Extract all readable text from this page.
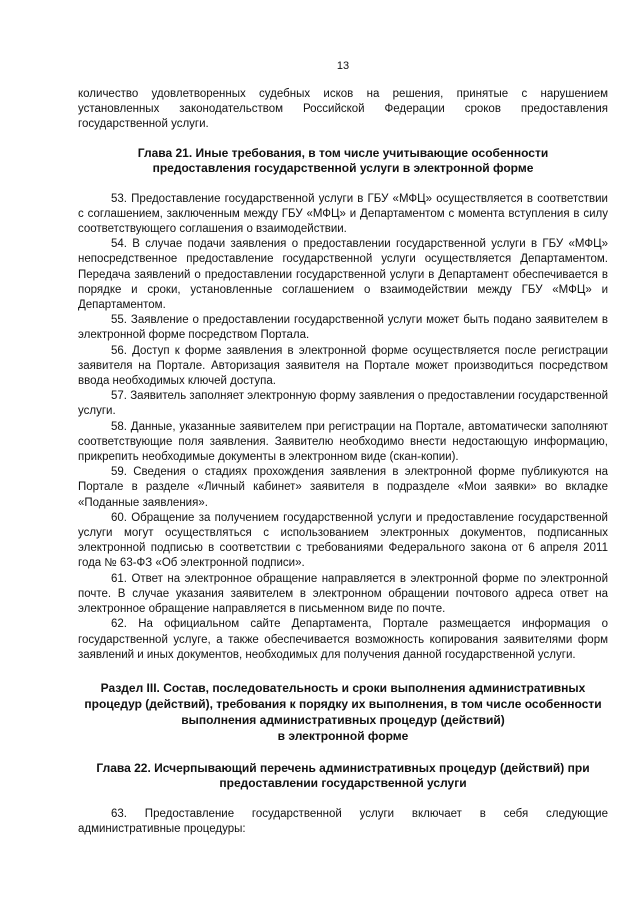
13

количество удовлетворенных судебных исков на решения, принятые с нарушением установленных законодательством Российской Федерации сроков предоставления государственной услуги.

Глава 21. Иные требования, в том числе учитывающие особенности предоставления государственной услуги в электронной форме

53. Предоставление государственной услуги в ГБУ «МФЦ» осуществляется в соответствии с соглашением, заключенным между ГБУ «МФЦ» и Департаментом с момента вступления в силу соответствующего соглашения о взаимодействии.

54. В случае подачи заявления о предоставлении государственной услуги в ГБУ «МФЦ» непосредственное предоставление государственной услуги осуществляется Департаментом. Передача заявлений о предоставлении государственной услуги в Департамент обеспечивается в порядке и сроки, установленные соглашением о взаимодействии между ГБУ «МФЦ» и Департаментом.

55. Заявление о предоставлении государственной услуги может быть подано заявителем в электронной форме посредством Портала.

56. Доступ к форме заявления в электронной форме осуществляется после регистрации заявителя на Портале. Авторизация заявителя на Портале может производиться посредством ввода необходимых ключей доступа.

57. Заявитель заполняет электронную форму заявления о предоставлении государственной услуги.

58. Данные, указанные заявителем при регистрации на Портале, автоматически заполняют соответствующие поля заявления. Заявителю необходимо внести недостающую информацию, прикрепить необходимые документы в электронном виде (скан-копии).

59. Сведения о стадиях прохождения заявления в электронной форме публикуются на Портале в разделе «Личный кабинет» заявителя в подразделе «Мои заявки» во вкладке «Поданные заявления».

60. Обращение за получением государственной услуги и предоставление государственной услуги могут осуществляться с использованием электронных документов, подписанных электронной подписью в соответствии с требованиями Федерального закона от 6 апреля 2011 года № 63-ФЗ «Об электронной подписи».

61. Ответ на электронное обращение направляется в электронной форме по электронной почте. В случае указания заявителем в электронном обращении почтового адреса ответ на электронное обращение направляется в письменном виде по почте.

62. На официальном сайте Департамента, Портале размещается информация о государственной услуге, а также обеспечивается возможность копирования заявителями форм заявлений и иных документов, необходимых для получения данной государственной услуги.

Раздел III. Состав, последовательность и сроки выполнения административных процедур (действий), требования к порядку их выполнения, в том числе особенности выполнения административных процедур (действий)
в электронной форме

Глава 22. Исчерпывающий перечень административных процедур (действий) при предоставлении государственной услуги

63. Предоставление государственной услуги включает в себя следующие административные процедуры:
